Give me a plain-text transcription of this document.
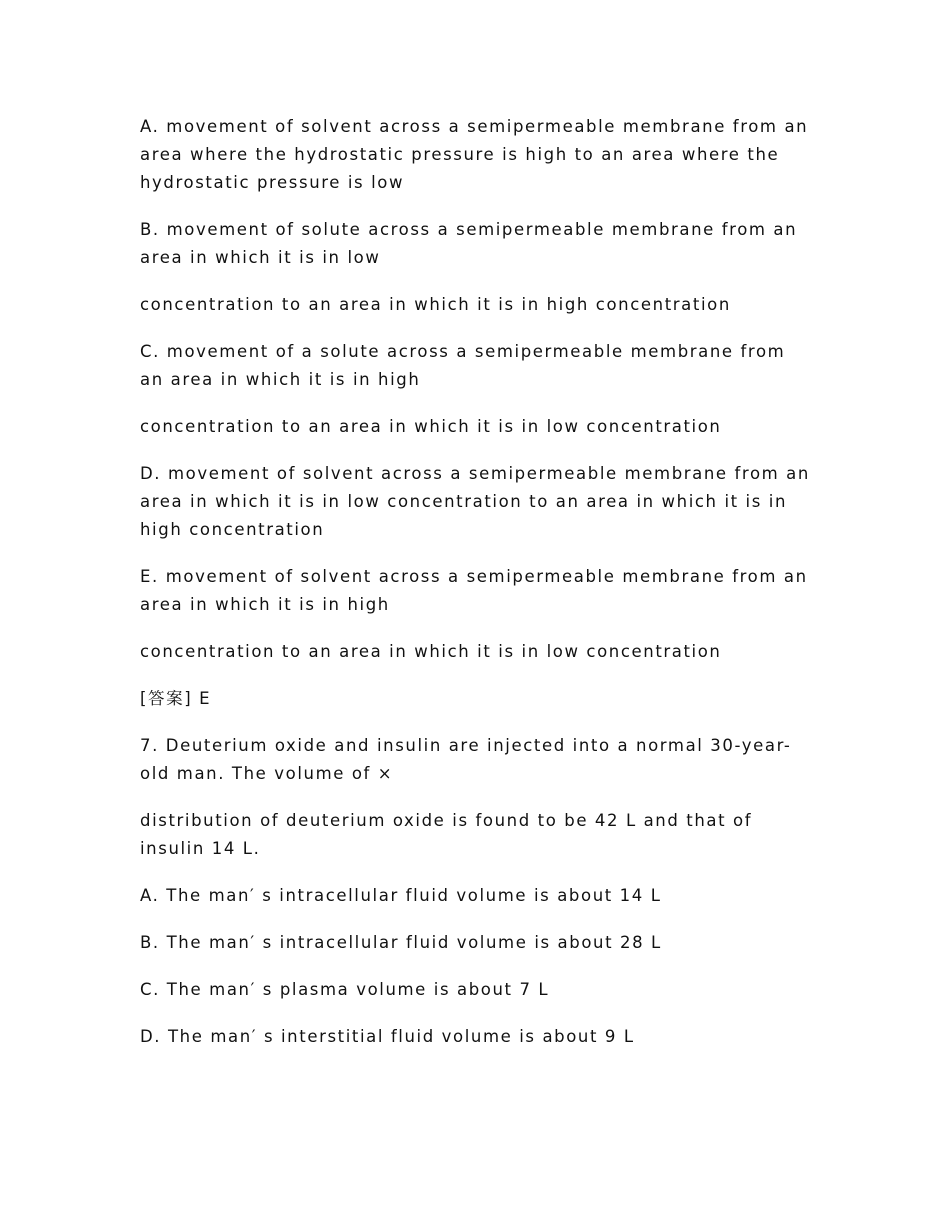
A. movement of solvent across a semipermeable membrane from an area where the hydrostatic pressure is high to an area where the hydrostatic pressure is low

B. movement of solute across a semipermeable membrane from an area in which it is in low

concentration to an area in which it is in high concentration

C. movement of a solute across a semipermeable membrane from an area in which it is in high

concentration to an area in which it is in low concentration

D. movement of solvent across a semipermeable membrane from an area in which it is in low concentration to an area in which it is in high concentration

E. movement of solvent across a semipermeable membrane from an area in which it is in high

concentration to an area in which it is in low concentration

[答案] E

7. Deuterium oxide and insulin are injected into a normal 30-year-old man. The volume of ×

distribution of deuterium oxide is found to be 42 L and that of insulin 14 L.

A. The man′ s intracellular fluid volume is about 14 L

B. The man′ s intracellular fluid volume is about 28 L

C. The man′ s plasma volume is about 7 L

D. The man′ s interstitial fluid volume is about 9 L
